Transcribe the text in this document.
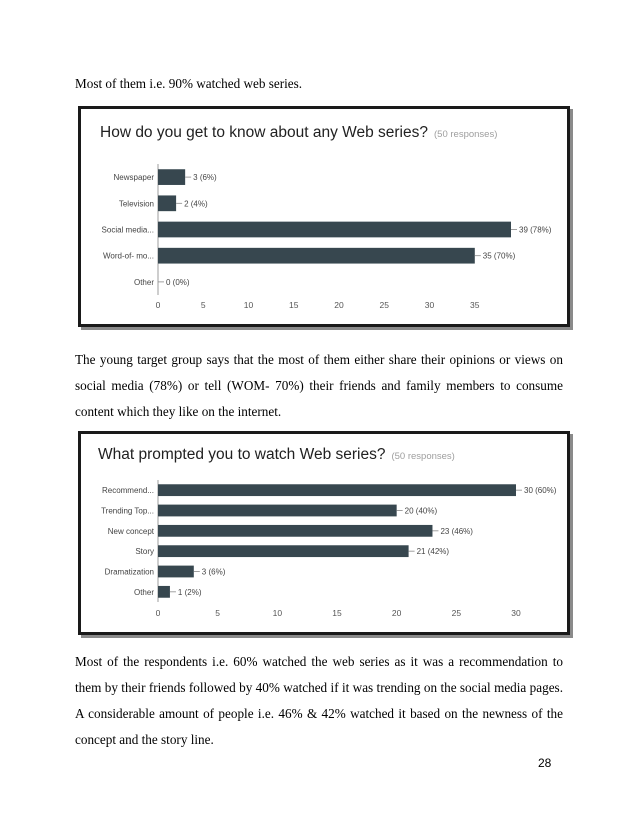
Most of them i.e. 90% watched web series.
How do you get to know about any Web series? (50 responses)
Newspaper	3 (6%)
Television	2 (4%)
Social media...	39 (78%)
Word-of- mo...	35 (70%)
Other 0 (0%)
0	5	10	15	20	25	30	35
The young target group says that the most of them either share their opinions or views on social media (78%) or tell (WOM- 70%) their friends and family members to consume content which they like on the internet.
What prompted you to watch Web series? (50 responses)
Recommend...	30 (60%)
Trending Top...	20 (40%)
New concept	23 (46%)
Story	21 (42%)
Dramatization	3 (6%)
Other	1 (2%)
0	5	10	15	20	25	30
Most of the respondents i.e. 60% watched the web series as it was a recommendation to them by their friends followed by 40% watched if it was trending on the social media pages. A considerable amount of people i.e. 46% & 42% watched it based on the newness of the concept and the story line.
28
